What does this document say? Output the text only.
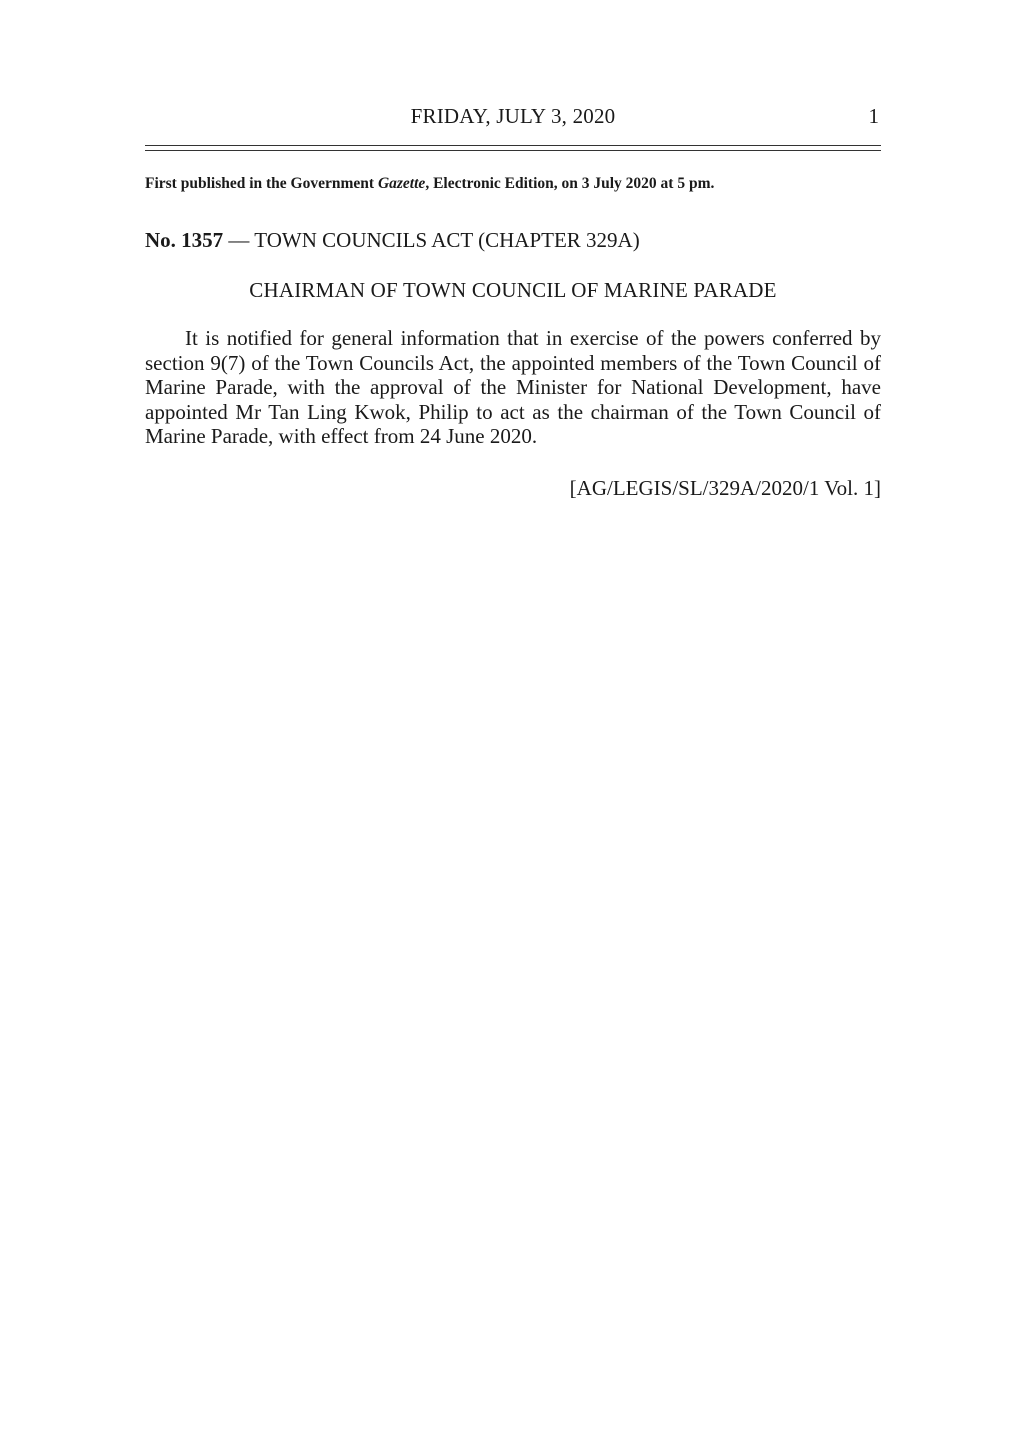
FRIDAY, JULY 3, 2020	1
First published in the Government Gazette, Electronic Edition, on 3 July 2020 at 5 pm.
No. 1357 –– TOWN COUNCILS ACT (CHAPTER 329A)
CHAIRMAN OF TOWN COUNCIL OF MARINE PARADE

It is notified for general information that in exercise of the powers conferred by section 9(7) of the Town Councils Act, the appointed members of the Town Council of Marine Parade, with the approval of the Minister for National Development, have appointed Mr Tan Ling Kwok, Philip to act as the chairman of the Town Council of Marine Parade, with effect from 24 June 2020.

[AG/LEGIS/SL/329A/2020/1 Vol. 1]
